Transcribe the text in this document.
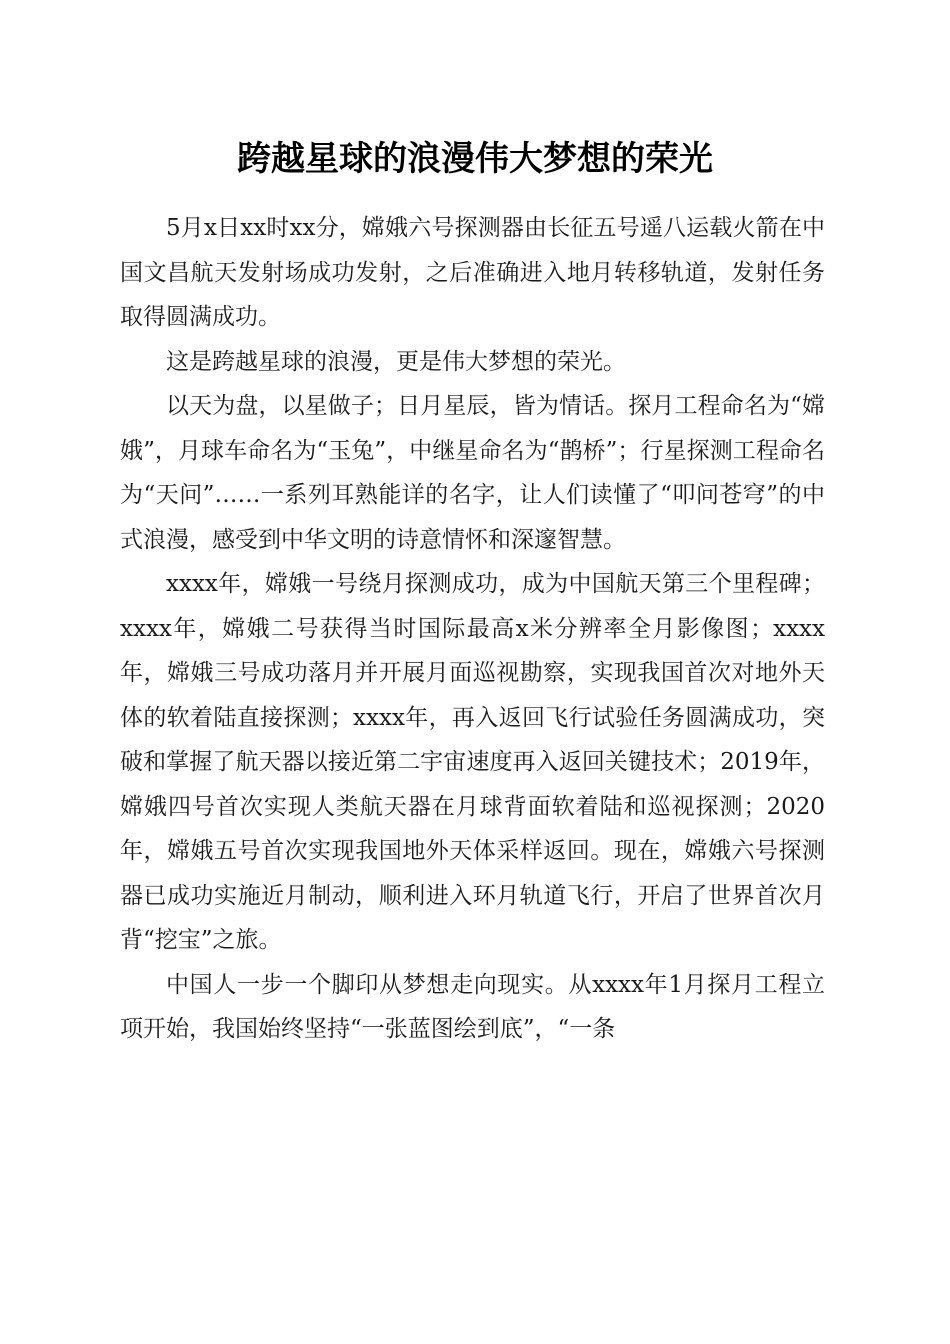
跨越星球的浪漫伟大梦想的荣光

5月x日xx时xx分，嫦娥六号探测器由长征五号遥八运载火箭在中国文昌航天发射场成功发射，之后准确进入地月转移轨道，发射任务取得圆满成功。

这是跨越星球的浪漫，更是伟大梦想的荣光。

以天为盘，以星做子；日月星辰，皆为情话。探月工程命名为“嫦娥”，月球车命名为“玉兔”，中继星命名为“鹊桥”；行星探测工程命名为“天问”……一系列耳熟能详的名字，让人们读懂了“叩问苍穹”的中式浪漫，感受到中华文明的诗意情怀和深邃智慧。

xxxx年，嫦娥一号绕月探测成功，成为中国航天第三个里程碑；xxxx年，嫦娥二号获得当时国际最高x米分辨率全月影像图；xxxx年，嫦娥三号成功落月并开展月面巡视勘察，实现我国首次对地外天体的软着陆直接探测；xxxx年，再入返回飞行试验任务圆满成功，突破和掌握了航天器以接近第二宇宙速度再入返回关键技术；2019年，嫦娥四号首次实现人类航天器在月球背面软着陆和巡视探测；2020年，嫦娥五号首次实现我国地外天体采样返回。现在，嫦娥六号探测器已成功实施近月制动，顺利进入环月轨道飞行，开启了世界首次月背“挖宝”之旅。

中国人一步一个脚印从梦想走向现实。从xxxx年1月探月工程立项开始，我国始终坚持“一张蓝图绘到底”，“一条
